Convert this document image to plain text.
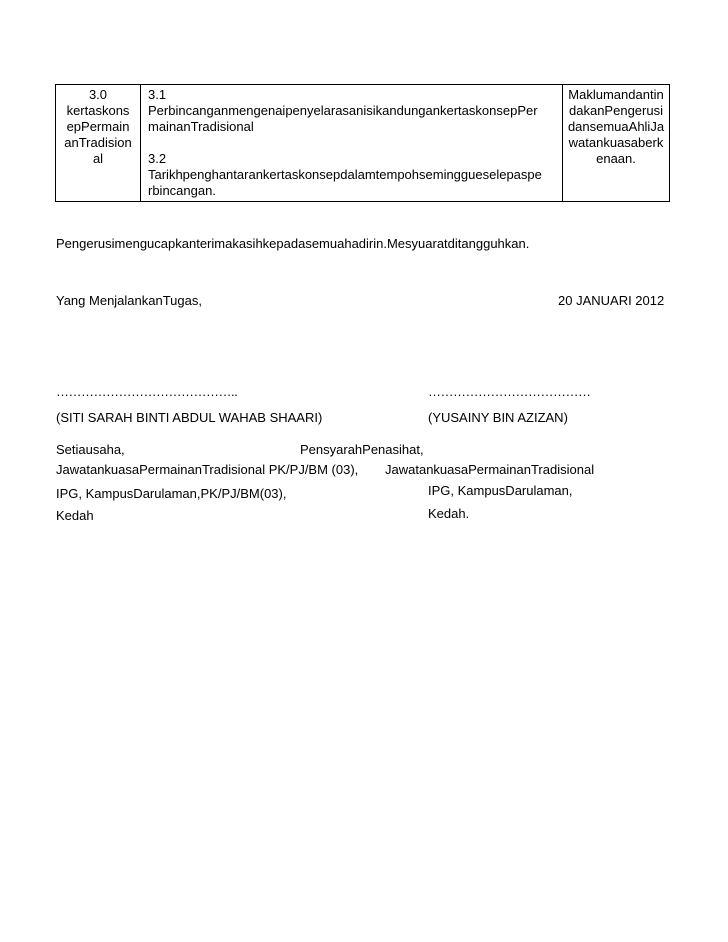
3.0
kertaskons
epPermain
anTradision
al

3.1
PerbincanganmengenaipenyelarasanisikandungankertaskonsepPer
mainanTradisional
3.2
Tarikhpenghantarankertaskonsepdalamtempohseminggueselepaspe
rbincangan.

Maklumandantin
dakanPengerusi
dansemuaAhliJa
watankuasaberk
enaan.
Pengerusimengucapkanterimakasihkepadasemuahadirin.Mesyuaratditangguhkan.
Yang MenjalankanTugas,	20 JANUARI 2012
……………………………………..
(SITI SARAH BINTI ABDUL WAHAB SHAARI)
Setiausaha,
JawatankuasaPermainanTradisional PK/PJ/BM (03),
IPG, KampusDarulaman,PK/PJ/BM(03),
Kedah
…………………………………
(YUSAINY BIN AZIZAN)
PensyarahPenasihat,
JawatankuasaPermainanTradisional
IPG, KampusDarulaman,
Kedah.
